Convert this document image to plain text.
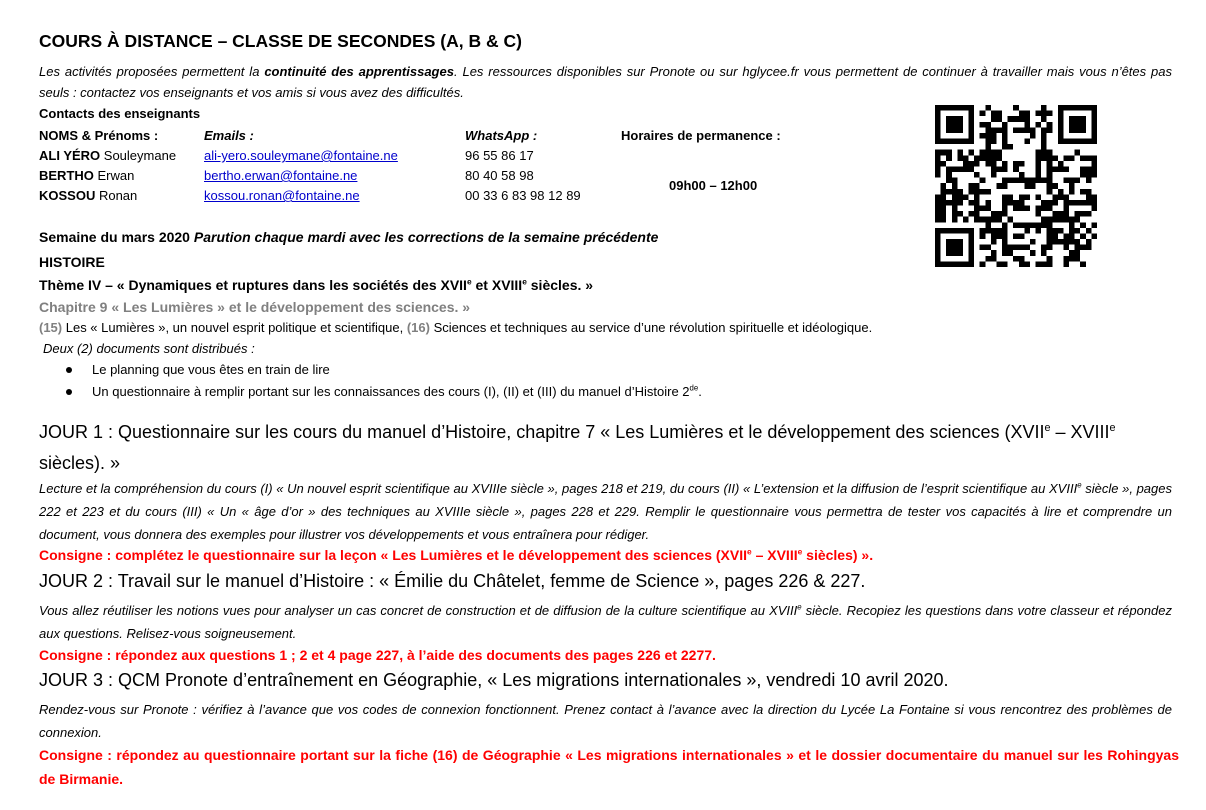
COURS À DISTANCE – CLASSE DE SECONDES (A, B & C)
Les activités proposées permettent la continuité des apprentissages. Les ressources disponibles sur Pronote ou sur hglycee.fr vous permettent de continuer à travailler mais vous n’êtes pas seuls : contactez vos enseignants et vos amis si vous avez des difficultés.
Contacts des enseignants
NOMS & Prénoms :	Emails :	WhatsApp :	Horaires de permanence :
ALI YÉRO Souleymane ali-yero.souleymane@fontaine.ne	96 55 86 17
BERTHO Erwan	bertho.erwan@fontaine.ne	80 40 58 98
KOSSOU Ronan	kossou.ronan@fontaine.ne	00 33 6 83 98 12 89
09h00 – 12h00
Semaine du mars 2020 Parution chaque mardi avec les corrections de la semaine précédente
HISTOIRE
Thème IV – « Dynamiques et ruptures dans les sociétés des XVIIe et XVIIIe siècles. »
Chapitre 9 « Les Lumières » et le développement des sciences. »
(15) Les « Lumières », un nouvel esprit politique et scientifique, (16) Sciences et techniques au service d’une révolution spirituelle et idéologique.
Deux (2) documents sont distribués :
Le planning que vous êtes en train de lire
Un questionnaire à remplir portant sur les connaissances des cours (I), (II) et (III) du manuel d’Histoire 2de.
JOUR 1 : Questionnaire sur les cours du manuel d’Histoire, chapitre 7 « Les Lumières et le développement des sciences (XVIIe – XVIIIe siècles). »
Lecture et la compréhension du cours (I) « Un nouvel esprit scientifique au XVIIIe siècle », pages 218 et 219, du cours (II) « L’extension et la diffusion de l’esprit scientifique au XVIIIe siècle », pages 222 et 223 et du cours (III) « Un « âge d’or » des techniques au XVIIIe siècle », pages 228 et 229. Remplir le questionnaire vous permettra de tester vos capacités à lire et comprendre un document, vous donnera des exemples pour illustrer vos développements et vous entraînera pour rédiger.
Consigne : complétez le questionnaire sur la leçon « Les Lumières et le développement des sciences (XVIIe – XVIIIe siècles) ».
JOUR 2 : Travail sur le manuel d’Histoire : « Émilie du Châtelet, femme de Science », pages 226 & 227.
Vous allez réutiliser les notions vues pour analyser un cas concret de construction et de diffusion de la culture scientifique au XVIIIe siècle. Recopiez les questions dans votre classeur et répondez aux questions. Relisez-vous soigneusement.
Consigne : répondez aux questions 1 ; 2 et 4 page 227, à l’aide des documents des pages 226 et 2277.
JOUR 3 : QCM Pronote d’entraînement en Géographie, « Les migrations internationales », vendredi 10 avril 2020.
Rendez-vous sur Pronote : vérifiez à l’avance que vos codes de connexion fonctionnent. Prenez contact à l’avance avec la direction du Lycée La Fontaine si vous rencontrez des problèmes de connexion.
Consigne : répondez au questionnaire portant sur la fiche (16) de Géographie « Les migrations internationales » et le dossier documentaire du manuel sur les Rohingyas de Birmanie.
